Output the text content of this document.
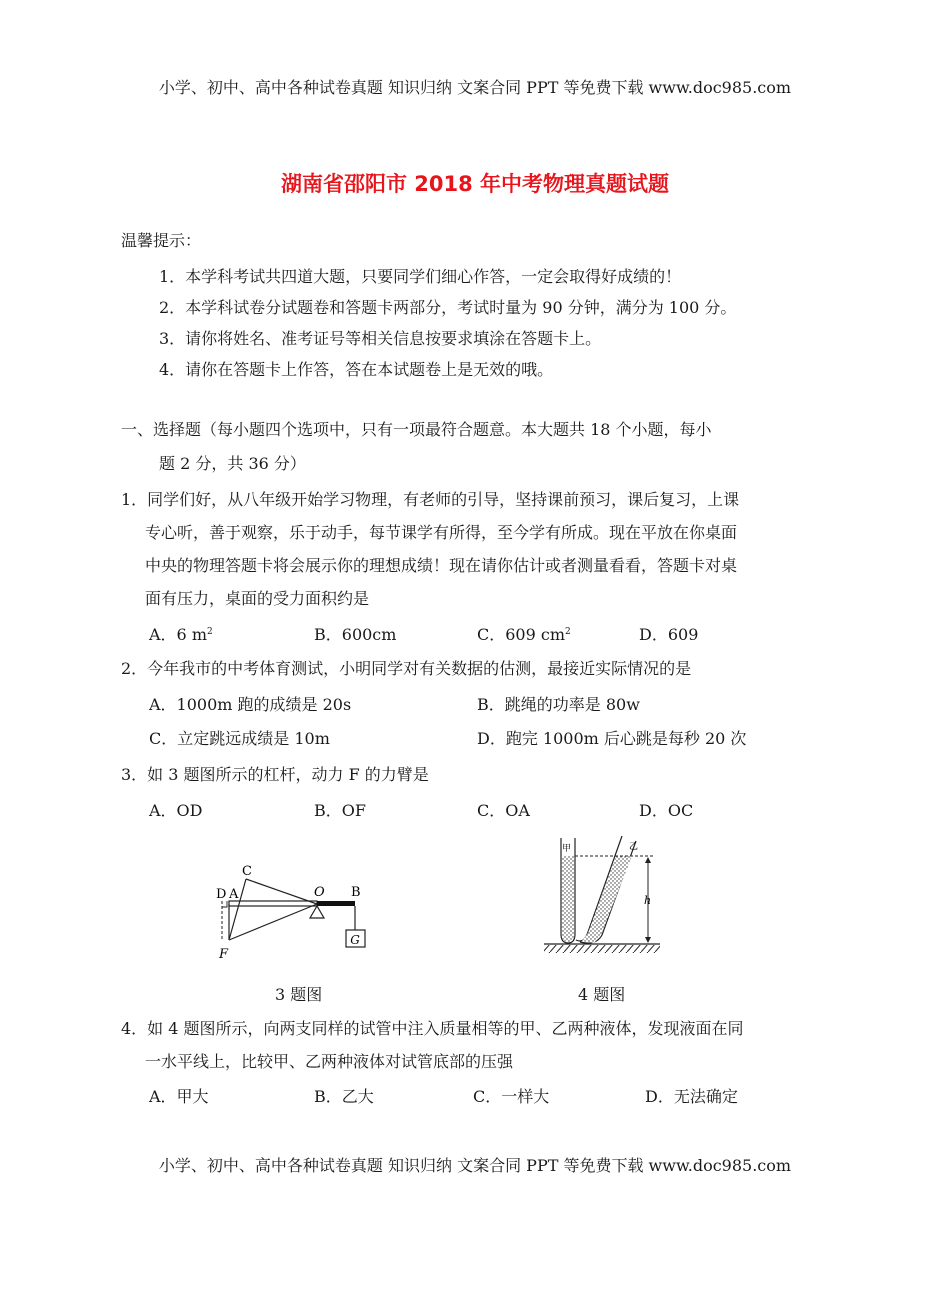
小学、初中、高中各种试卷真题 知识归纳 文案合同 PPT 等免费下载 www.doc985.com
湖南省邵阳市 2018 年中考物理真题试题
温馨提示：
1．本学科考试共四道大题，只要同学们细心作答，一定会取得好成绩的！
2．本学科试卷分试题卷和答题卡两部分，考试时量为 90 分钟，满分为 100 分。
3．请你将姓名、准考证号等相关信息按要求填涂在答题卡上。
4．请你在答题卡上作答，答在本试题卷上是无效的哦。
一、选择题（每小题四个选项中，只有一项最符合题意。本大题共 18 个小题，每小
题 2 分，共 36 分）
1．同学们好，从八年级开始学习物理，有老师的引导，坚持课前预习，课后复习，上课
专心听，善于观察，乐于动手，每节课学有所得，至今学有所成。现在平放在你桌面
中央的物理答题卡将会展示你的理想成绩！现在请你估计或者测量看看，答题卡对桌
面有压力，桌面的受力面积约是
A．6 $m^2$	B．600cm	C．609 $cm^2$	D．609
2．今年我市的中考体育测试，小明同学对有关数据的估测，最接近实际情况的是
A．1000m 跑的成绩是 20s	B．跳绳的功率是 80w
C．立定跳远成绩是 10m	D．跑完 1000m 后心跳是每秒 20 次
3．如 3 题图所示的杠杆，动力 F 的力臂是
A．OD	B．OF	C．OA	D．OC
G
C
D A	O B
F
h
甲	乙
3 题图	4 题图
4．如 4 题图所示，向两支同样的试管中注入质量相等的甲、乙两种液体，发现液面在同
一水平线上，比较甲、乙两种液体对试管底部的压强
A．甲大	B．乙大	C．一样大	D．无法确定
小学、初中、高中各种试卷真题 知识归纳 文案合同 PPT 等免费下载 www.doc985.com
